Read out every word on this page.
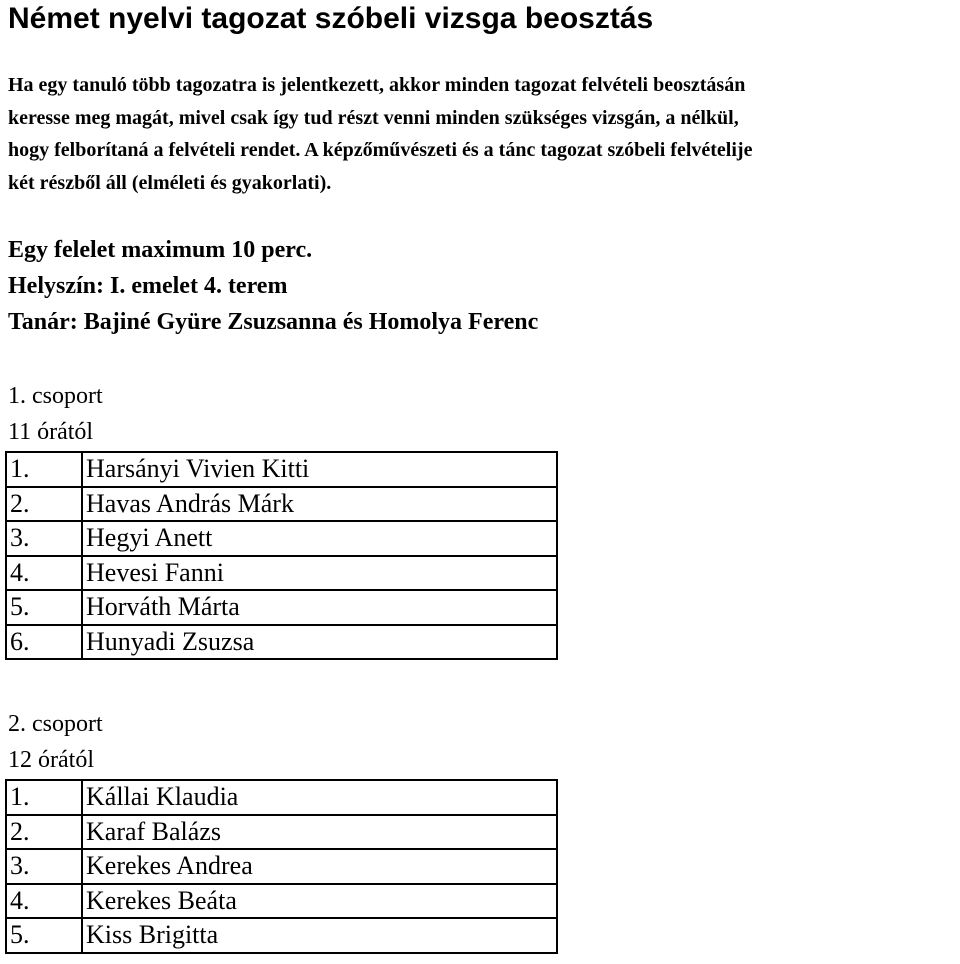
Német nyelvi tagozat szóbeli vizsga beosztás
Ha egy tanuló több tagozatra is jelentkezett, akkor minden tagozat felvételi beosztásán
keresse meg magát, mivel csak így tud részt venni minden szükséges vizsgán, a nélkül,
hogy felborítaná a felvételi rendet. A képzőművészeti és a tánc tagozat szóbeli felvételije
két részből áll (elméleti és gyakorlati).
Egy felelet maximum 10 perc.
Helyszín: I. emelet 4. terem
Tanár: Bajiné Gyüre Zsuzsanna és Homolya Ferenc
1. csoport
11 órától
1.	Harsányi Vivien Kitti
2.	Havas András Márk
3.	Hegyi Anett
4.	Hevesi Fanni
5.	Horváth Márta
6.	Hunyadi Zsuzsa
2. csoport
12 órától
1.	Kállai Klaudia
2.	Karaf Balázs
3.	Kerekes Andrea
4.	Kerekes Beáta
5.	Kiss Brigitta
